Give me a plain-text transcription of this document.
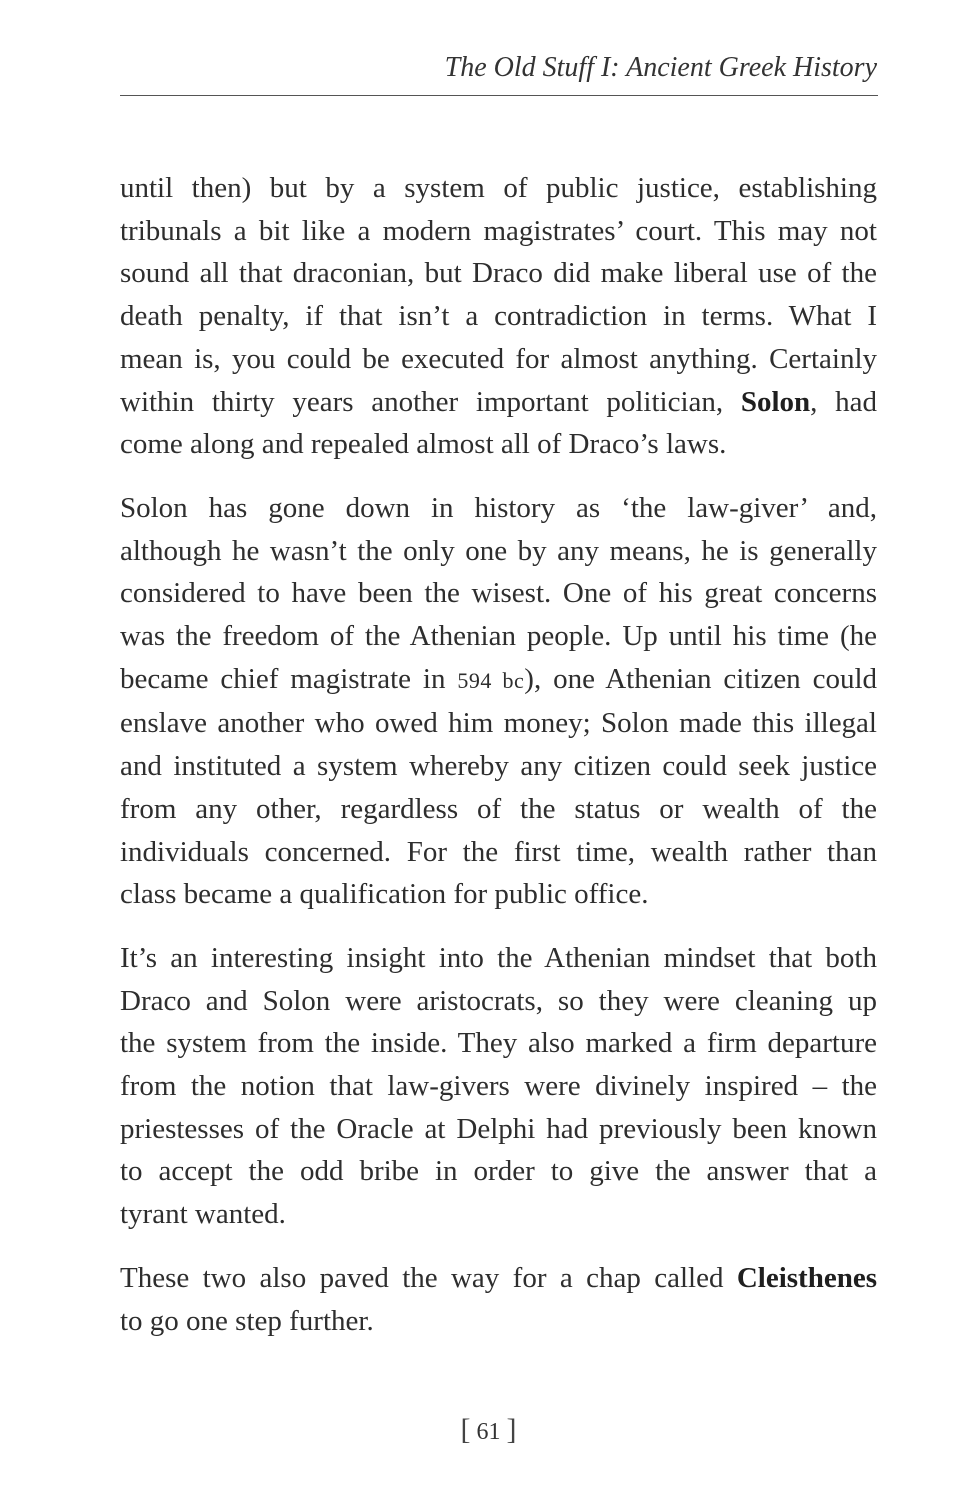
The Old Stuff I: Ancient Greek History

until then) but by a system of public justice, establishing
tribunals a bit like a modern magistrates’ court. This may not
sound all that draconian, but Draco did make liberal use of the
death penalty, if that isn’t a contradiction in terms. What I
mean is, you could be executed for almost anything. Certainly
within thirty years another important politician, Solon, had
come along and repealed almost all of Draco’s laws.

Solon has gone down in history as ‘the law-giver’ and,
although he wasn’t the only one by any means, he is generally
considered to have been the wisest. One of his great concerns
was the freedom of the Athenian people. Up until his time (he
became chief magistrate in 594 bc), one Athenian citizen could
enslave another who owed him money; Solon made this illegal
and instituted a system whereby any citizen could seek justice
from any other, regardless of the status or wealth of the
individuals concerned. For the first time, wealth rather than
class became a qualification for public office.

It’s an interesting insight into the Athenian mindset that both
Draco and Solon were aristocrats, so they were cleaning up
the system from the inside. They also marked a firm departure
from the notion that law-givers were divinely inspired – the
priestesses of the Oracle at Delphi had previously been known
to accept the odd bribe in order to give the answer that a
tyrant wanted.

These two also paved the way for a chap called Cleisthenes
to go one step further.

[ 61 ]
